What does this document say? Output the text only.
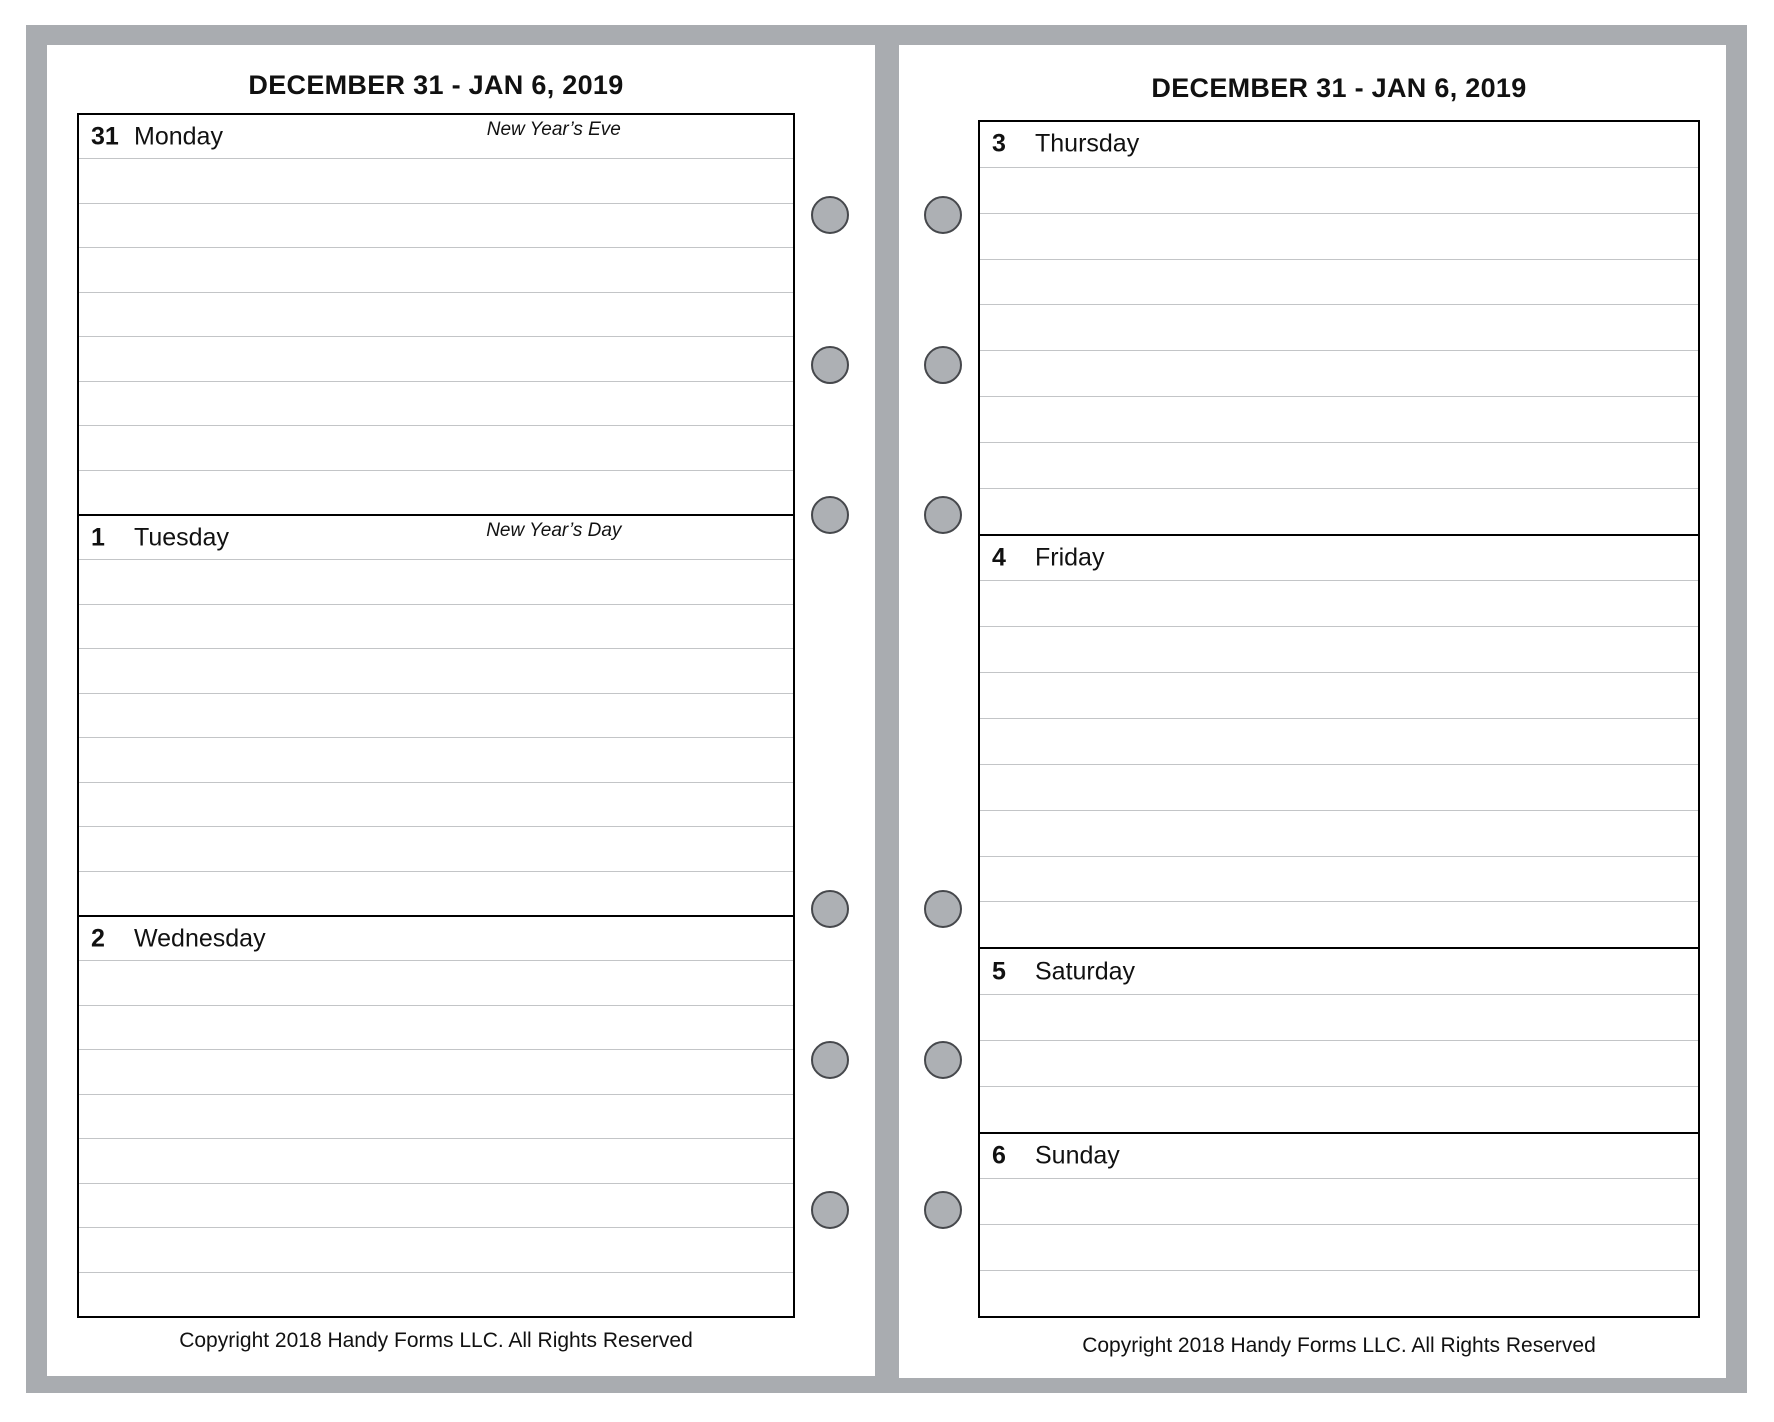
DECEMBER 31 - JAN 6, 2019
31 Monday	New Year’s Eve
1 Tuesday	New Year’s Day
2 Wednesday
Copyright 2018 Handy Forms LLC. All Rights Reserved
DECEMBER 31 - JAN 6, 2019
3 Thursday
4 Friday
5 Saturday
6 Sunday
Copyright 2018 Handy Forms LLC. All Rights Reserved
